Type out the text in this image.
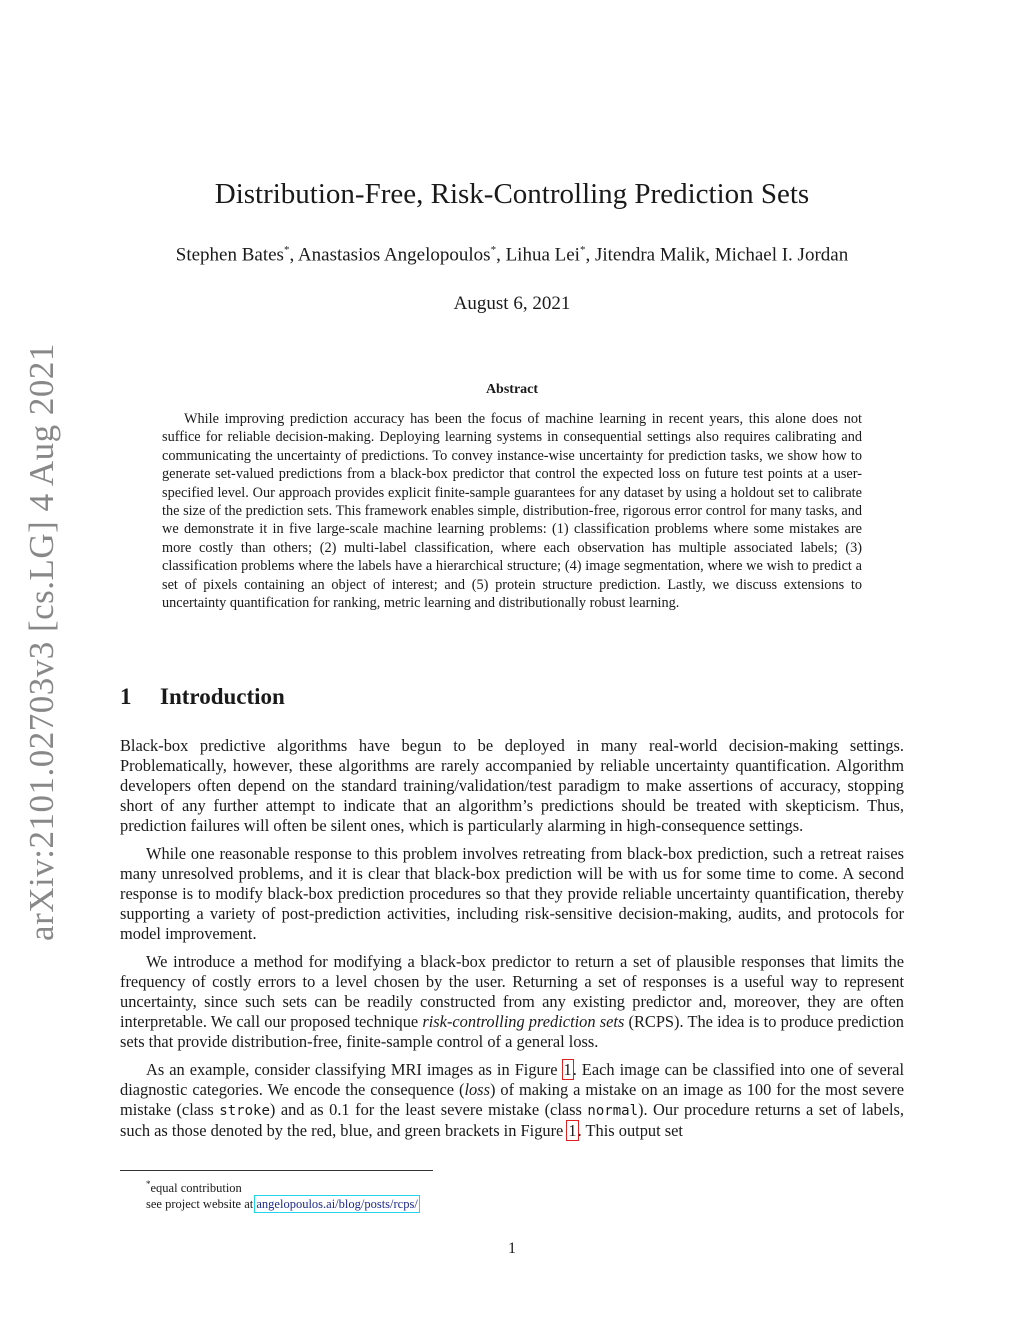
arXiv:2101.02703v3 [cs.LG] 4 Aug 2021
Distribution-Free, Risk-Controlling Prediction Sets
Stephen Bates*, Anastasios Angelopoulos*, Lihua Lei*, Jitendra Malik, Michael I. Jordan
August 6, 2021
Abstract
While improving prediction accuracy has been the focus of machine learning in recent years, this alone does not suffice for reliable decision-making. Deploying learning systems in consequential settings also requires calibrating and communicating the uncertainty of predictions. To convey instance-wise uncertainty for prediction tasks, we show how to generate set-valued predictions from a black-box predictor that control the expected loss on future test points at a user-specified level. Our approach provides explicit finite-sample guarantees for any dataset by using a holdout set to calibrate the size of the prediction sets. This framework enables simple, distribution-free, rigorous error control for many tasks, and we demonstrate it in five large-scale machine learning problems: (1) classification problems where some mistakes are more costly than others; (2) multi-label classification, where each observation has multiple associated labels; (3) classification problems where the labels have a hierarchical structure; (4) image segmentation, where we wish to predict a set of pixels containing an object of interest; and (5) protein structure prediction. Lastly, we discuss extensions to uncertainty quantification for ranking, metric learning and distributionally robust learning.
1 Introduction

Black-box predictive algorithms have begun to be deployed in many real-world decision-making settings. Problematically, however, these algorithms are rarely accompanied by reliable uncertainty quantification. Algorithm developers often depend on the standard training/validation/test paradigm to make assertions of accuracy, stopping short of any further attempt to indicate that an algorithm’s predictions should be treated with skepticism. Thus, prediction failures will often be silent ones, which is particularly alarming in high-consequence settings.

While one reasonable response to this problem involves retreating from black-box prediction, such a retreat raises many unresolved problems, and it is clear that black-box prediction will be with us for some time to come. A second response is to modify black-box prediction procedures so that they provide reliable uncertainty quantification, thereby supporting a variety of post-prediction activities, including risk-sensitive decision-making, audits, and protocols for model improvement.

We introduce a method for modifying a black-box predictor to return a set of plausible responses that limits the frequency of costly errors to a level chosen by the user. Returning a set of responses is a useful way to represent uncertainty, since such sets can be readily constructed from any existing predictor and, moreover, they are often interpretable. We call our proposed technique risk-controlling prediction sets (RCPS). The idea is to produce prediction sets that provide distribution-free, finite-sample control of a general loss.

As an example, consider classifying MRI images as in Figure 1. Each image can be classified into one of several diagnostic categories. We encode the consequence (loss) of making a mistake on an image as 100 for the most severe mistake (class stroke) and as 0.1 for the least severe mistake (class normal). Our procedure returns a set of labels, such as those denoted by the red, blue, and green brackets in Figure 1. This output set

*equal contribution
see project website at angelopoulos.ai/blog/posts/rcps/
1
